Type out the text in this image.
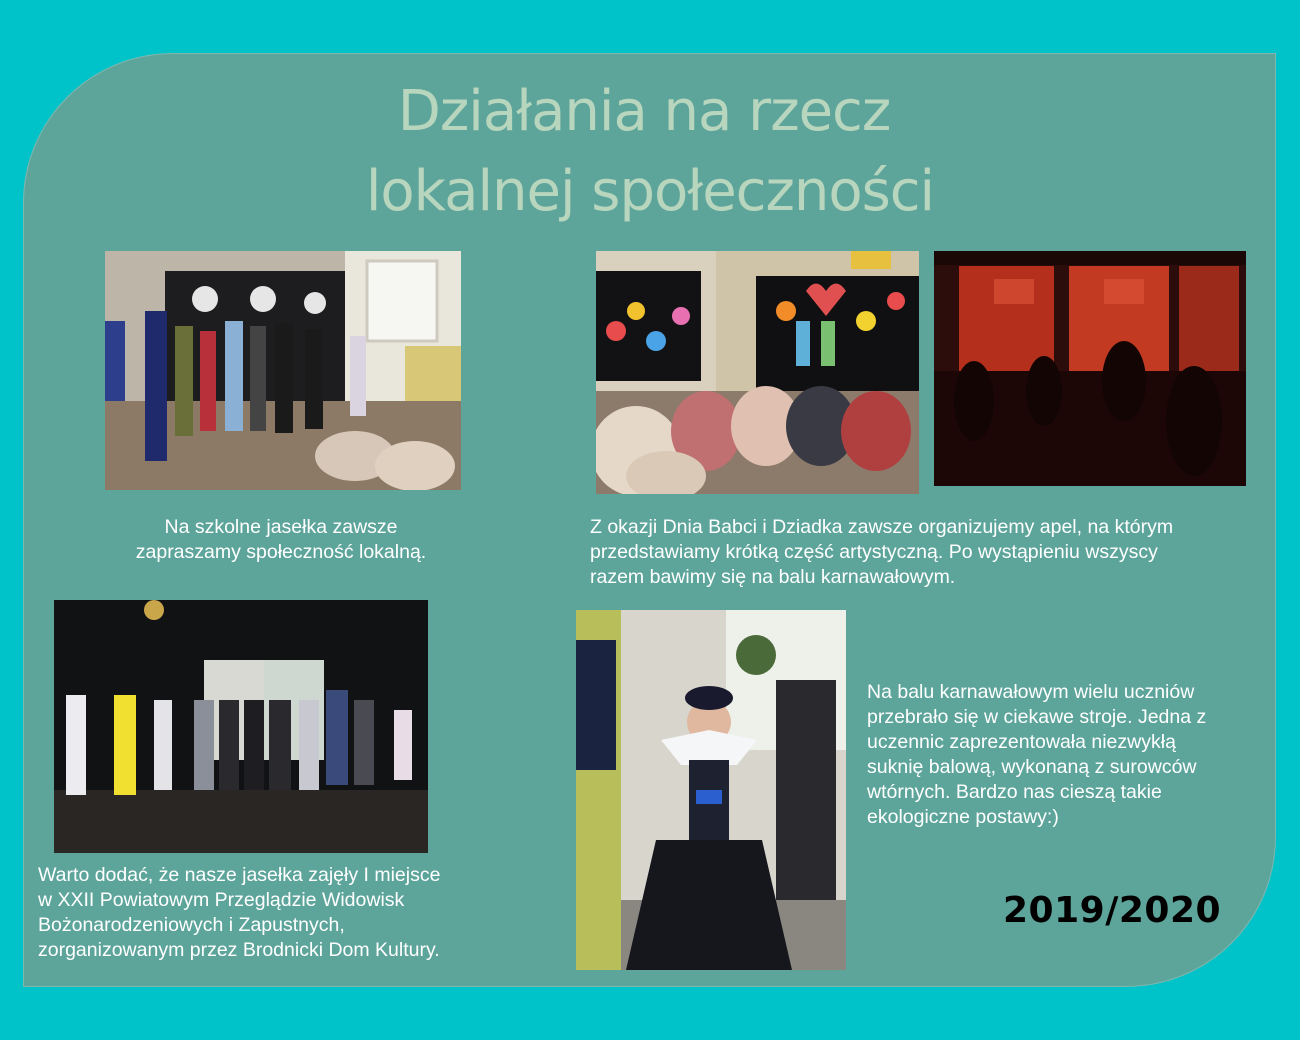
Działania na rzecz
lokalnej społeczności
Na szkolne jasełka zawsze
zapraszamy społeczność lokalną.
Z okazji Dnia Babci i Dziadka zawsze organizujemy apel, na którym
przedstawiamy krótką część artystyczną. Po wystąpieniu wszyscy
razem bawimy się na balu karnawałowym.
Warto dodać, że nasze jasełka zajęły I miejsce
w XXII Powiatowym Przeglądzie Widowisk
Bożonarodzeniowych i Zapustnych,
zorganizowanym przez Brodnicki Dom Kultury.
Na balu karnawałowym wielu uczniów
przebrało się w ciekawe stroje. Jedna z
uczennic zaprezentowała niezwykłą
suknię balową, wykonaną z surowców
wtórnych. Bardzo nas cieszą takie
ekologiczne postawy:)
2019/2020
